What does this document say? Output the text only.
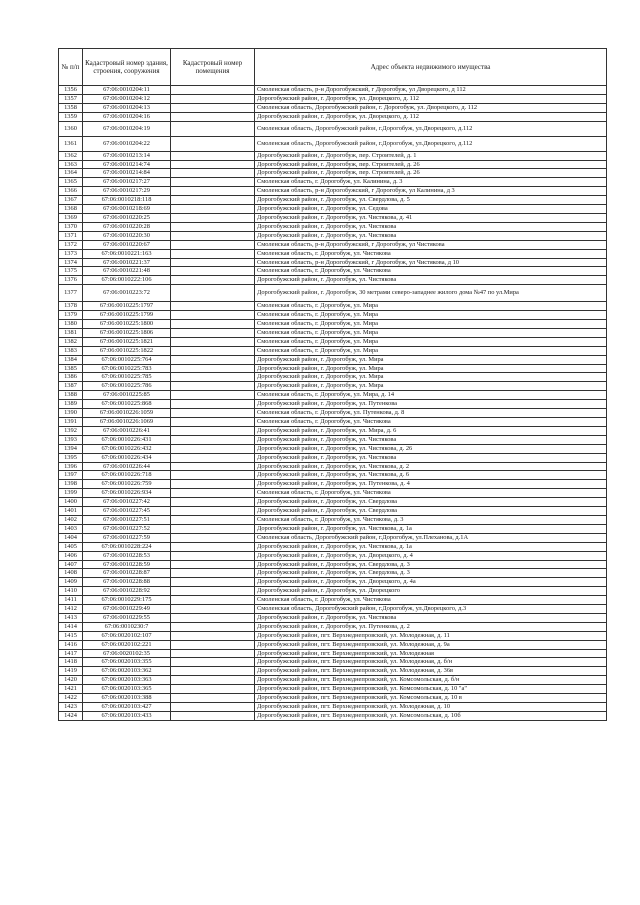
№ п/п	Кадастровый номер здания, строения, сооружения	Кадастровый номер помещения	Адрес объекта недвижимого имущества
1356	67:06:0010204:11		Смоленская область, р-н Дорогобужский, г Дорогобуж, ул Дворецкого, д 112
1357	67:06:0010204:12		Дорогобужский район, г. Дорогобуж, ул. Дворецкого, д. 112
1358	67:06:0010204:13		Смоленская область, Дорогобужский район, г. Дорогобуж, ул. Дворецкого, д. 112
1359	67:06:0010204:16		Дорогобужский район, г. Дорогобуж, ул. Дворецкого, д. 112
1360	67:06:0010204:19		Смоленская область, Дорогобужский район, г.Дорогобуж, ул.Дворецкого, д.112
1361	67:06:0010204:22		Смоленская область, Дорогобужский район, г.Дорогобуж, ул.Дворецкого, д.112
1362	67:06:0010213:14		Дорогобужский район, г. Дорогобуж, пер. Строителей, д. 1
1363	67:06:0010214:74		Дорогобужский район, г. Дорогобуж, пер. Строителей, д. 26
1364	67:06:0010214:84		Дорогобужский район, г. Дорогобуж, пер. Строителей, д. 26
1365	67:06:0010217:27		Смоленская область, г. Дорогобуж, ул. Калинина, д. 3
1366	67:06:0010217:29		Смоленская область, р-н Дорогобужский, г Дорогобуж, ул Калинина, д 3
1367	67:06:0010218:118		Дорогобужский район, г. Дорогобуж, ул. Свердлова, д. 5
1368	67:06:0010218:69		Дорогобужский район, г. Дорогобуж, ул. Седова
1369	67:06:0010220:25		Дорогобужский район, г. Дорогобуж, ул. Чистякова, д. 41
1370	67:06:0010220:28		Дорогобужский район, г. Дорогобуж, ул. Чистякова
1371	67:06:0010220:30		Дорогобужский район, г. Дорогобуж, ул. Чистякова
1372	67:06:0010220:67		Смоленская область, р-н Дорогобужский, г Дорогобуж, ул Чистякова
1373	67:06:0010221:163		Смоленская область, г. Дорогобуж, ул. Чистякова
1374	67:06:0010221:37		Смоленская область, р-н Дорогобужский, г Дорогобуж, ул Чистякова, д 10
1375	67:06:0010221:48		Смоленская область, г. Дорогобуж, ул. Чистякова
1376	67:06:0010222:106		Дорогобужский район, г. Дорогобуж, ул. Чистякова
1377	67:06:0010223:72		Дорогобужский район, г. Дорогобуж, 30 метрами северо-западнее жилого дома №47 по ул.Мира
1378	67:06:0010225:1797		Смоленская область, г. Дорогобуж, ул. Мира
1379	67:06:0010225:1799		Смоленская область, г. Дорогобуж, ул. Мира
1380	67:06:0010225:1800		Смоленская область, г. Дорогобуж, ул. Мира
1381	67:06:0010225:1806		Смоленская область, г. Дорогобуж, ул. Мира
1382	67:06:0010225:1821		Смоленская область, г. Дорогобуж, ул. Мира
1383	67:06:0010225:1822		Смоленская область, г. Дорогобуж, ул. Мира
1384	67:06:0010225:764		Дорогобужский район, г. Дорогобуж, ул. Мира
1385	67:06:0010225:783		Дорогобужский район, г. Дорогобуж, ул. Мира
1386	67:06:0010225:785		Дорогобужский район, г. Дорогобуж, ул. Мира
1387	67:06:0010225:786		Дорогобужский район, г. Дорогобуж, ул. Мира
1388	67:06:0010225:85		Смоленская область, г. Дорогобуж, ул. Мира, д. 14
1389	67:06:0010225:868		Дорогобужский район, г. Дорогобуж, ул. Путенкова
1390	67:06:0010226:1059		Смоленская область, г. Дорогобуж, ул. Путенкова, д. 8
1391	67:06:0010226:1069		Смоленская область, г. Дорогобуж, ул. Чистякова
1392	67:06:0010226:41		Дорогобужский район, г. Дорогобуж, ул. Мира, д. 6
1393	67:06:0010226:431		Дорогобужский район, г. Дорогобуж, ул. Чистякова
1394	67:06:0010226:432		Дорогобужский район, г. Дорогобуж, ул. Чистякова, д. 26
1395	67:06:0010226:434		Дорогобужский район, г. Дорогобуж, ул. Чистякова
1396	67:06:0010226:44		Дорогобужский район, г. Дорогобуж, ул. Чистякова, д. 2
1397	67:06:0010226:718		Дорогобужский район, г. Дорогобуж, ул. Чистякова, д. 6
1398	67:06:0010226:759		Дорогобужский район, г. Дорогобуж, ул. Путенкова, д. 4
1399	67:06:0010226:934		Смоленская область, г. Дорогобуж, ул. Чистякова
1400	67:06:0010227:42		Дорогобужский район, г. Дорогобуж, ул. Свердлова
1401	67:06:0010227:45		Дорогобужский район, г. Дорогобуж, ул. Свердлова
1402	67:06:0010227:51		Смоленская область, г. Дорогобуж, ул. Чистякова, д. 3
1403	67:06:0010227:52		Дорогобужский район, г. Дорогобуж, ул. Чистякова, д. 1а
1404	67:06:0010227:59		Смоленская область, Дорогобужский район, г.Дорогобуж, ул.Плеханова, д.1А
1405	67:06:0010228:224		Дорогобужский район, г. Дорогобуж, ул. Чистякова, д. 1а
1406	67:06:0010228:53		Дорогобужский район, г. Дорогобуж, ул. Дворецкого, д. 4
1407	67:06:0010228:59		Дорогобужский район, г. Дорогобуж, ул. Свердлова, д. 3
1408	67:06:0010228:87		Дорогобужский район, г. Дорогобуж, ул. Свердлова, д. 3
1409	67:06:0010228:88		Дорогобужский район, г. Дорогобуж, ул. Дворецкого, д. 4а
1410	67:06:0010228:92		Дорогобужский район, г. Дорогобуж, ул. Дворецкого
1411	67:06:0010229:175		Смоленская область, г. Дорогобуж, ул. Чистякова
1412	67:06:0010229:49		Смоленская область, Дорогобужский район, г.Дорогобуж, ул.Дворецкого, д.3
1413	67:06:0010229:55		Дорогобужский район, г. Дорогобуж, ул. Чистякова
1414	67:06:0010230:7		Дорогобужский район, г. Дорогобуж, ул. Путенкова, д. 2
1415	67:06:0020102:107		Дорогобужский район, пгт. Верхнеднепровский, ул. Молодежная, д. 11
1416	67:06:0020102:221		Дорогобужский район, пгт. Верхнеднепровский, ул. Молодежная, д. 9а
1417	67:06:0020102:35		Дорогобужский район, пгт. Верхнеднепровский, ул. Молодежная
1418	67:06:0020103:355		Дорогобужский район, пгт. Верхнеднепровский, ул. Молодежная, д. б/н
1419	67:06:0020103:362		Дорогобужский район, пгт. Верхнеднепровский, ул. Молодежная, д. 36в
1420	67:06:0020103:363		Дорогобужский район, пгт. Верхнеднепровский, ул. Комсомольская, д. б/н
1421	67:06:0020103:365		Дорогобужский район, пгт. Верхнеднепровский, ул. Комсомольская, д. 10 "а"
1422	67:06:0020103:388		Дорогобужский район, пгт. Верхнеднепровский, ул. Комсомольская, д. 10 в
1423	67:06:0020103:427		Дорогобужский район, пгт. Верхнеднепровский, ул. Молодежная, д. 10
1424	67:06:0020103:433		Дорогобужский район, пгт. Верхнеднепровский, ул. Комсомольская, д. 10б
